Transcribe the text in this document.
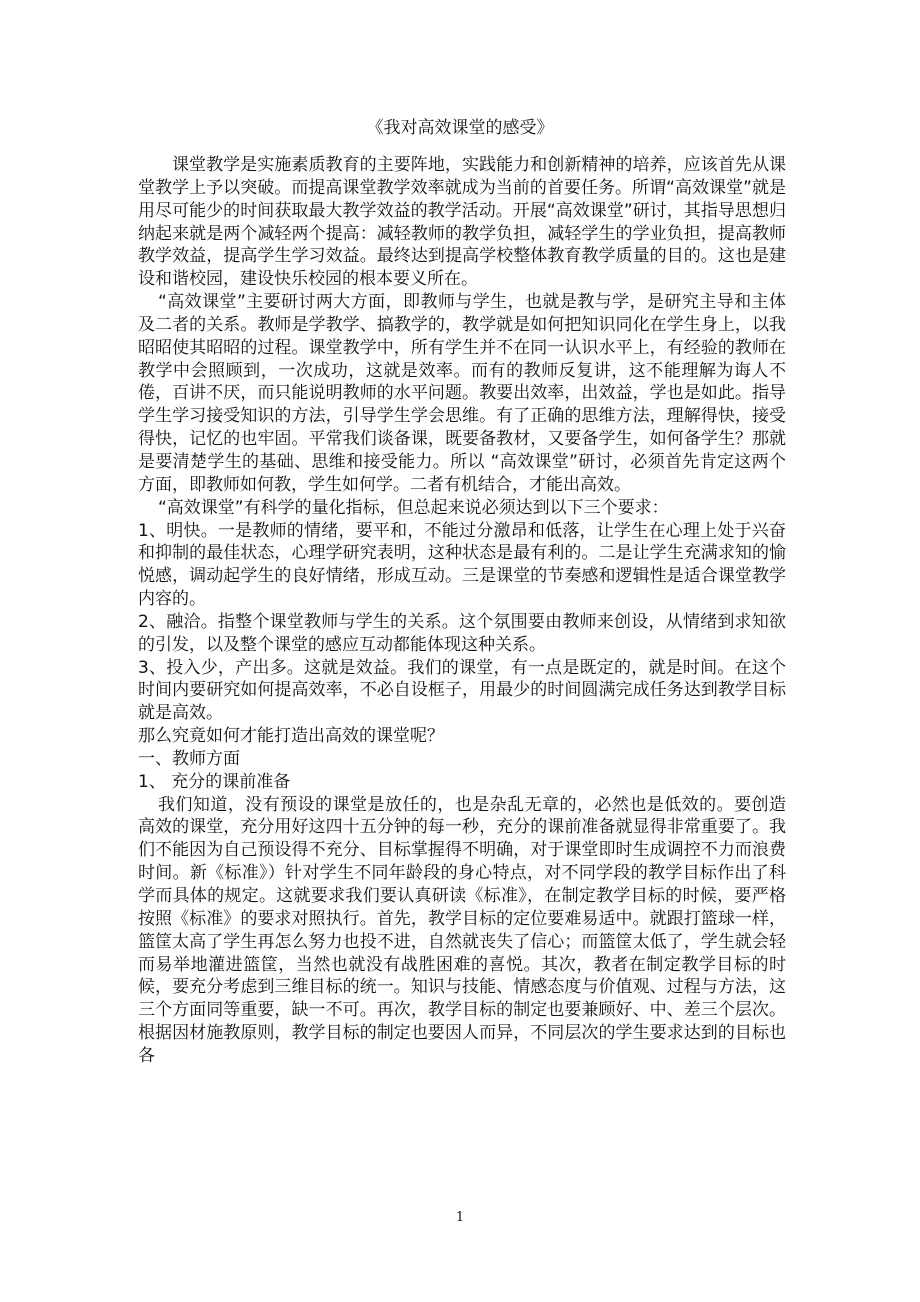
《我对高效课堂的感受》

课堂教学是实施素质教育的主要阵地，实践能力和创新精神的培养，应该首先从课堂教学上予以突破。而提高课堂教学效率就成为当前的首要任务。所谓“高效课堂”就是用尽可能少的时间获取最大教学效益的教学活动。开展“高效课堂”研讨，其指导思想归纳起来就是两个减轻两个提高：减轻教师的教学负担，减轻学生的学业负担，提高教师教学效益，提高学生学习效益。最终达到提高学校整体教育教学质量的目的。这也是建设和谐校园，建设快乐校园的根本要义所在。

“高效课堂”主要研讨两大方面，即教师与学生，也就是教与学，是研究主导和主体及二者的关系。教师是学教学、搞教学的，教学就是如何把知识同化在学生身上，以我昭昭使其昭昭的过程。课堂教学中，所有学生并不在同一认识水平上，有经验的教师在教学中会照顾到，一次成功，这就是效率。而有的教师反复讲，这不能理解为诲人不倦，百讲不厌，而只能说明教师的水平问题。教要出效率，出效益，学也是如此。指导学生学习接受知识的方法，引导学生学会思维。有了正确的思维方法，理解得快，接受得快，记忆的也牢固。平常我们谈备课，既要备教材，又要备学生，如何备学生？那就是要清楚学生的基础、思维和接受能力。所以 “高效课堂”研讨，必须首先肯定这两个方面，即教师如何教，学生如何学。二者有机结合，才能出高效。

“高效课堂”有科学的量化指标，但总起来说必须达到以下三个要求：

1、明快。一是教师的情绪，要平和，不能过分激昂和低落，让学生在心理上处于兴奋和抑制的最佳状态，心理学研究表明，这种状态是最有利的。二是让学生充满求知的愉悦感，调动起学生的良好情绪，形成互动。三是课堂的节奏感和逻辑性是适合课堂教学内容的。

2、融洽。指整个课堂教师与学生的关系。这个氛围要由教师来创设，从情绪到求知欲的引发，以及整个课堂的感应互动都能体现这种关系。

3、投入少，产出多。这就是效益。我们的课堂，有一点是既定的，就是时间。在这个时间内要研究如何提高效率，不必自设框子，用最少的时间圆满完成任务达到教学目标就是高效。

那么究竟如何才能打造出高效的课堂呢？

一、教师方面

1、 充分的课前准备

我们知道，没有预设的课堂是放任的，也是杂乱无章的，必然也是低效的。要创造高效的课堂，充分用好这四十五分钟的每一秒，充分的课前准备就显得非常重要了。我们不能因为自己预设得不充分、目标掌握得不明确，对于课堂即时生成调控不力而浪费时间。新《标准》）针对学生不同年龄段的身心特点，对不同学段的教学目标作出了科学而具体的规定。这就要求我们要认真研读《标准》，在制定教学目标的时候，要严格按照《标准》的要求对照执行。首先，教学目标的定位要难易适中。就跟打篮球一样，篮筐太高了学生再怎么努力也投不进，自然就丧失了信心；而篮筐太低了，学生就会轻而易举地灌进篮筐，当然也就没有战胜困难的喜悦。其次，教者在制定教学目标的时候，要充分考虑到三维目标的统一。知识与技能、情感态度与价值观、过程与方法，这三个方面同等重要，缺一不可。再次，教学目标的制定也要兼顾好、中、差三个层次。根据因材施教原则，教学目标的制定也要因人而异，不同层次的学生要求达到的目标也各

1
